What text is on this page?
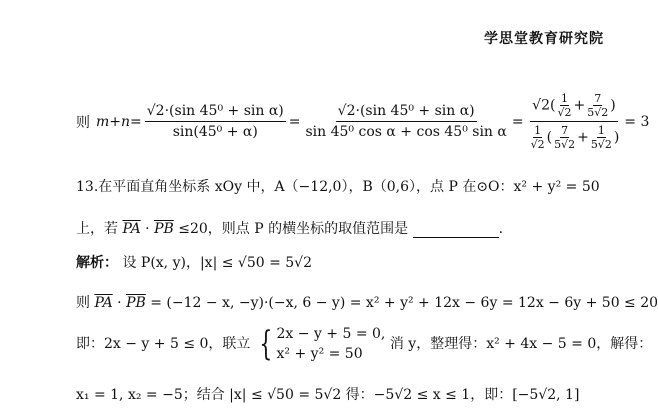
学思堂教育研究院
则 $m+n= \frac{\text{√2·(sin 45⁰ + sin α)}}{\text{sin(45⁰ + α)}} = \frac{\text{√2·(sin 45⁰ + sin α)}}{\text{sin 45⁰ cos α + cos 45⁰ sin α}} = \frac{√2( \frac{1}{√2} + \frac{7}{5√2} )}{\frac{1}{√2} ( \frac{7}{5√2} + \frac{1}{5√2} )} = 3$
13.在平面直角坐标系 xOy 中，A（−12,0），B（0,6），点 P 在⊙O：x² + y² = 50
上，若 $\overline{PA} \cdot \overline{PB} \le 20$，则点 P 的横坐标的取值范围是	.
解析： 设 P(x, y)，|x| ≤ √50 = 5√2
则 $\overline{PA} \cdot \overline{PB} = (-12 - x$, −y)·(−x, 6 − y) = x² + y² + 12x − 6y = 12x − 6y + 50 ≤ 20
即：2x − y + 5 ≤ 0，联立 { 2x − y + 5 = 0,
x² + y² = 50
消 y，整理得：x² + 4x − 5 = 0，解得：
x₁ = 1, x₂ = −5；结合 |x| ≤ √50 = 5√2 得：−5√2 ≤ x ≤ 1，即：[−5√2, 1]
